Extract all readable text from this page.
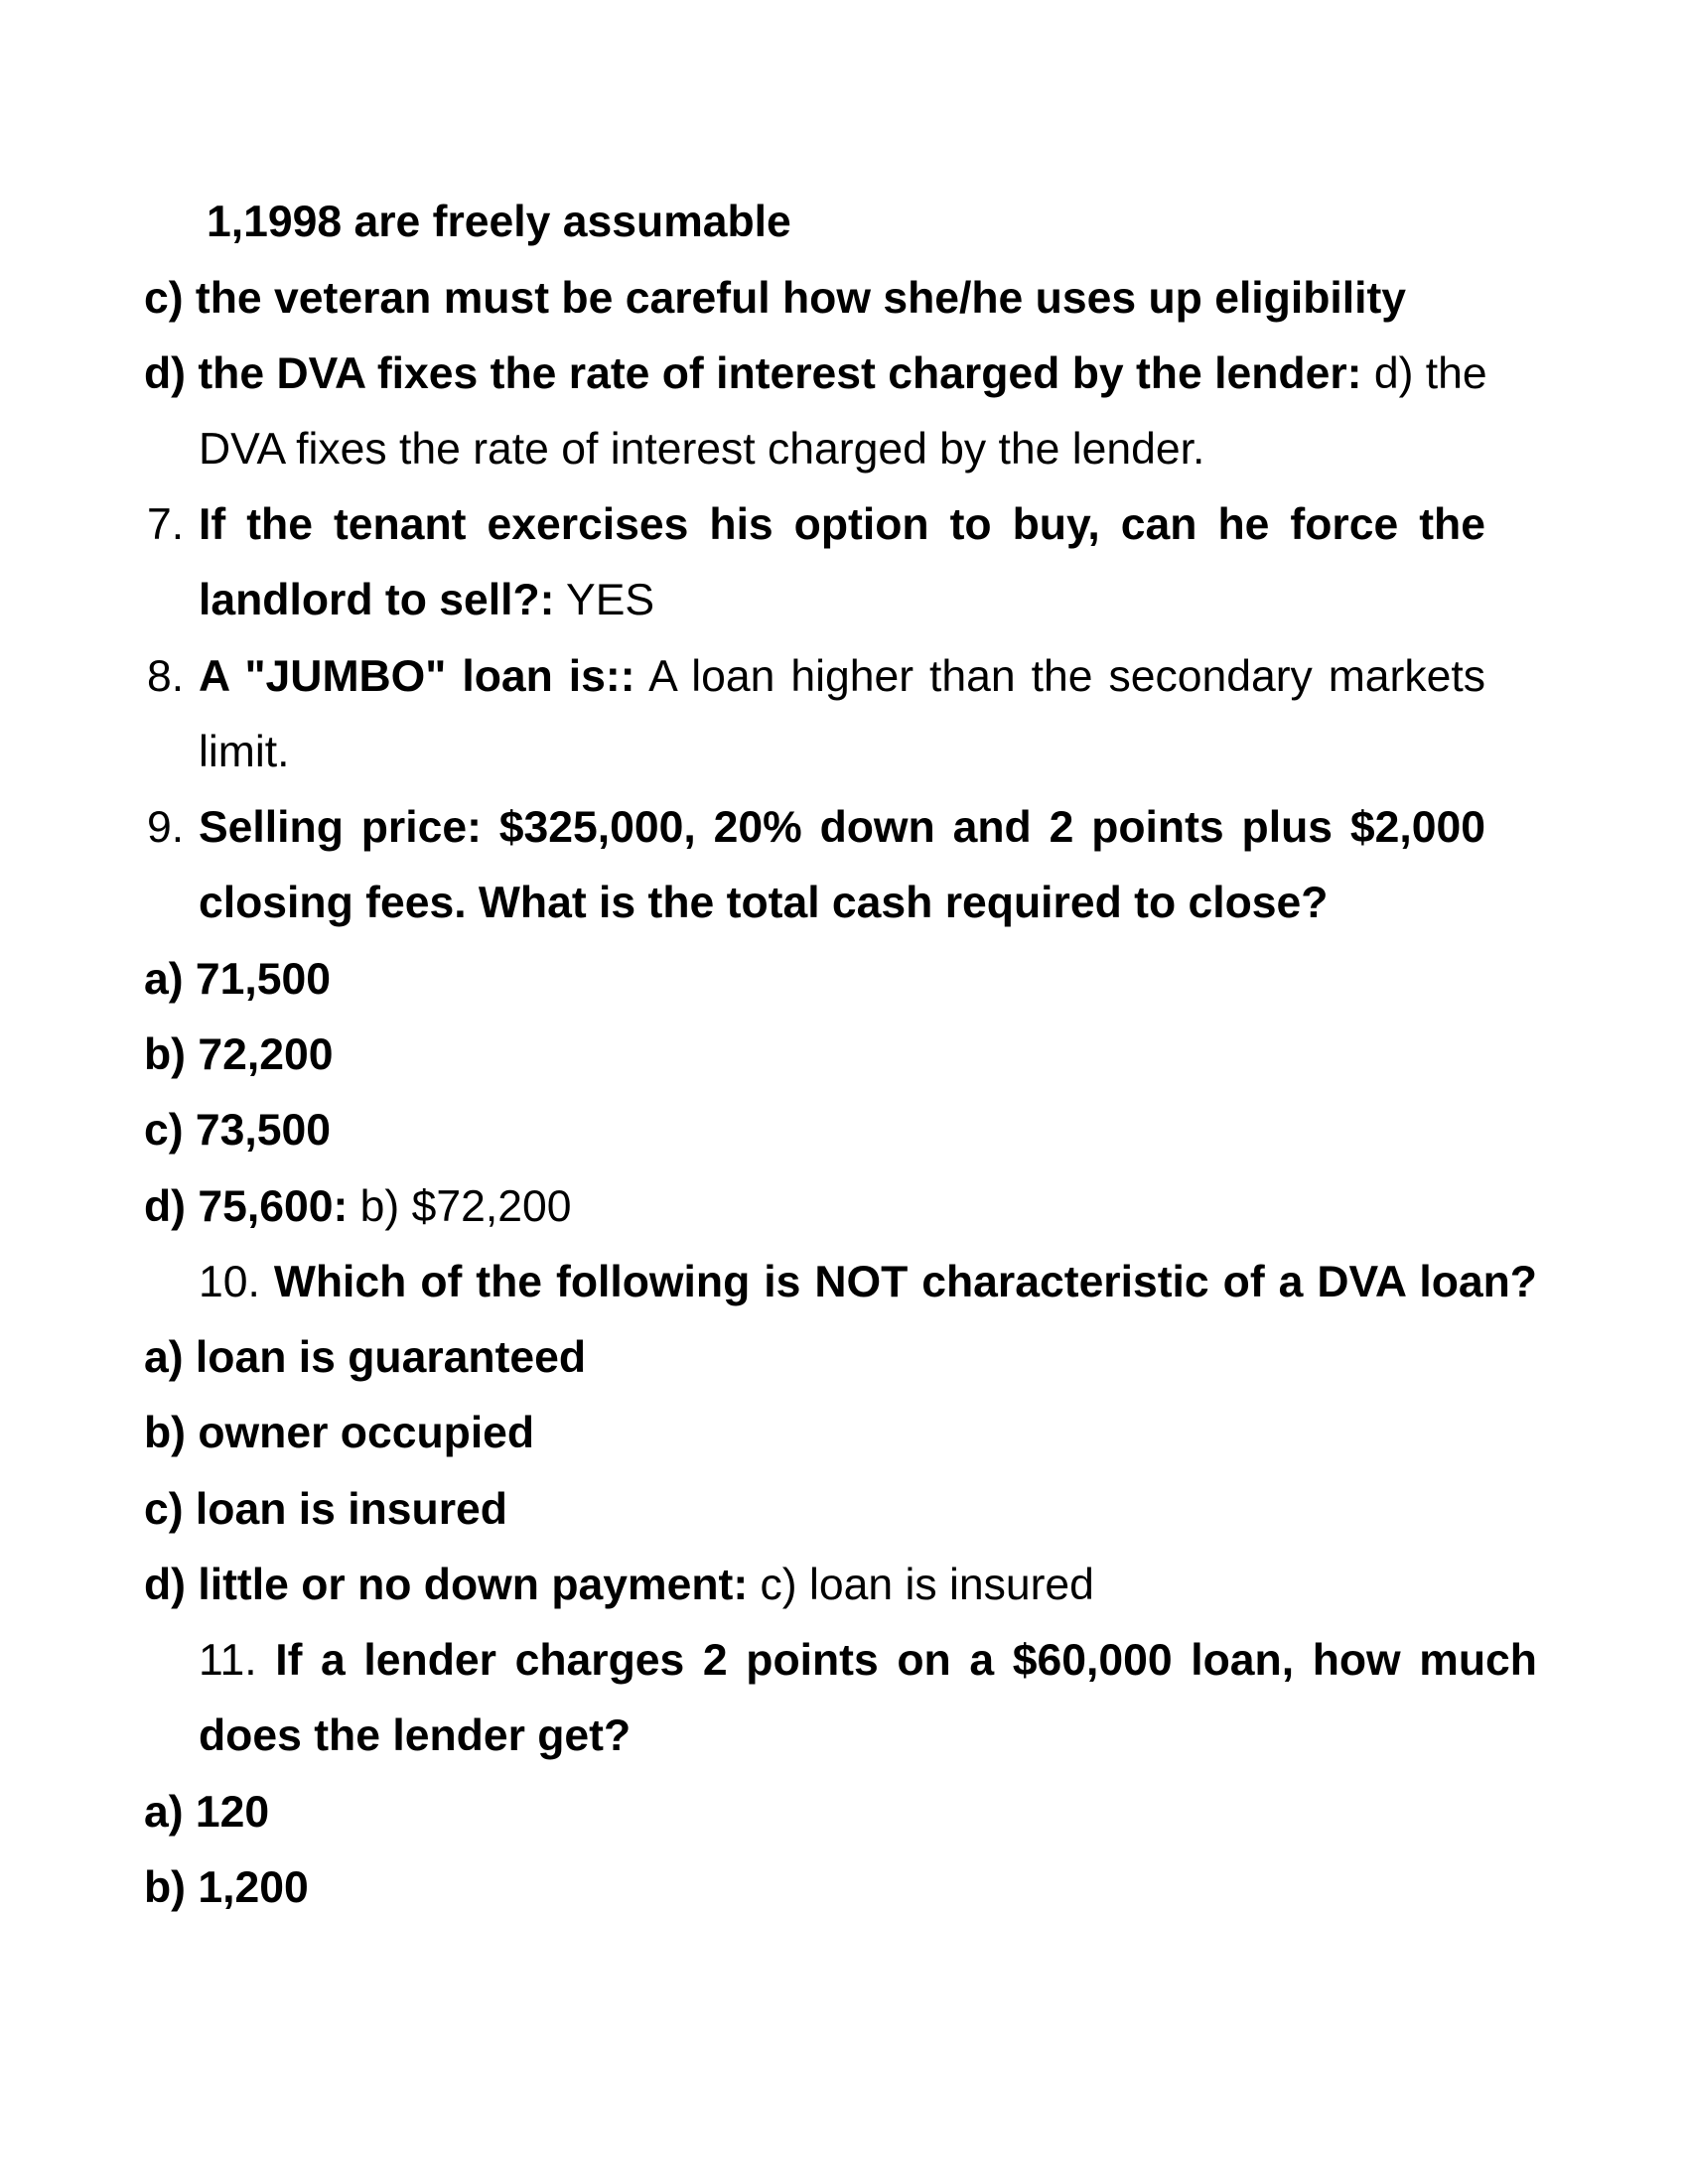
1,1998 are freely assumable

c) the veteran must be careful how she/he uses up eligibility

d) the DVA fixes the rate of interest charged by the lender: d) the

DVA fixes the rate of interest charged by the lender.

7. If the tenant exercises his option to buy, can he force the

landlord to sell?: YES

8. A "JUMBO" loan is:: A loan higher than the secondary markets

limit.

9. Selling price: $325,000, 20% down and 2 points plus $2,000

closing fees. What is the total cash required to close?

a) 71,500

b) 72,200

c) 73,500

d) 75,600: b) $72,200

10. Which of the following is NOT characteristic of a DVA loan?

a) loan is guaranteed

b) owner occupied

c) loan is insured

d) little or no down payment: c) loan is insured

11. If a lender charges 2 points on a $60,000 loan, how much

does the lender get?

a) 120

b) 1,200
